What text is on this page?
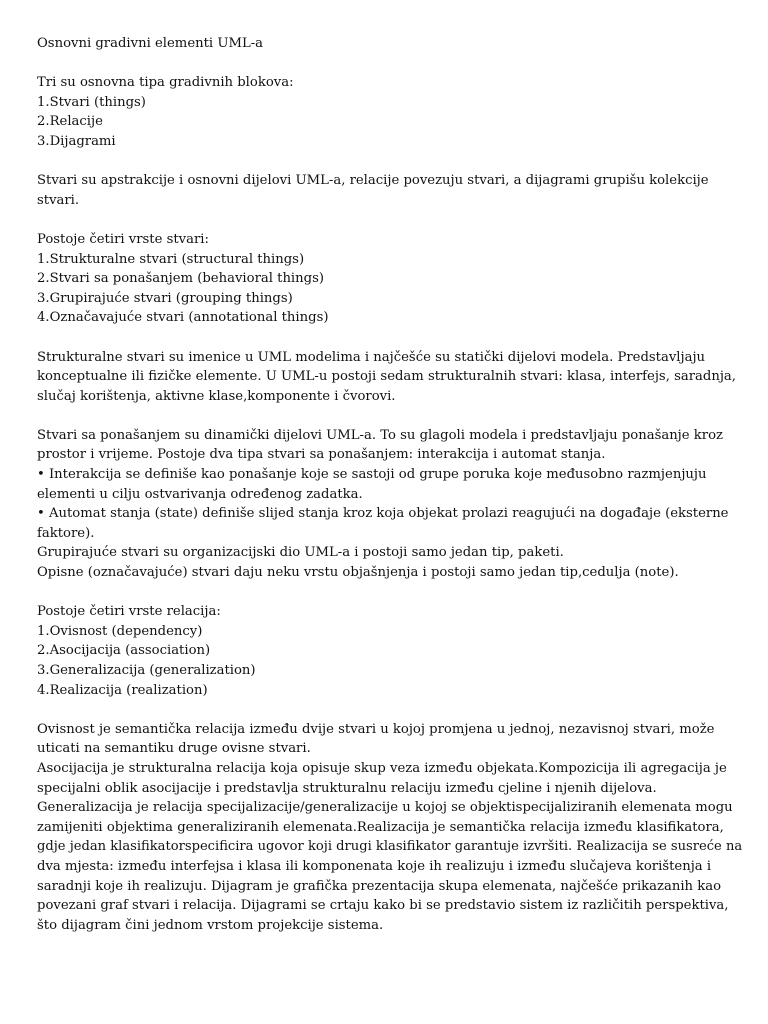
Osnovni gradivni elementi UML-a
Tri su osnovna tipa gradivnih blokova:
1.Stvari (things)
2.Relacije
3.Dijagrami
Stvari su apstrakcije i osnovni dijelovi UML-a, relacije povezuju stvari, a dijagrami grupišu kolekcije
stvari.
Postoje četiri vrste stvari:
1.Strukturalne stvari (structural things)
2.Stvari sa ponašanjem (behavioral things)
3.Grupirajuće stvari (grouping things)
4.Označavajuće stvari (annotational things)
Strukturalne stvari su imenice u UML modelima i najčešće su statički dijelovi modela. Predstavljaju
konceptualne ili fizičke elemente. U UML-u postoji sedam strukturalnih stvari: klasa, interfejs, saradnja,
slučaj korištenja, aktivne klase,komponente i čvorovi.
Stvari sa ponašanjem su dinamički dijelovi UML-a. To su glagoli modela i predstavljaju ponašanje kroz
prostor i vrijeme. Postoje dva tipa stvari sa ponašanjem: interakcija i automat stanja.
• Interakcija se definiše kao ponašanje koje se sastoji od grupe poruka koje međusobno razmjenjuju
elementi u cilju ostvarivanja određenog zadatka.
• Automat stanja (state) definiše slijed stanja kroz koja objekat prolazi reagujući na događaje (eksterne
faktore).
Grupirajuće stvari su organizacijski dio UML-a i postoji samo jedan tip, paketi.
Opisne (označavajuće) stvari daju neku vrstu objašnjenja i postoji samo jedan tip,cedulja (note).
Postoje četiri vrste relacija:
1.Ovisnost (dependency)
2.Asocijacija (association)
3.Generalizacija (generalization)
4.Realizacija (realization)
Ovisnost je semantička relacija između dvije stvari u kojoj promjena u jednoj, nezavisnoj stvari, može
uticati na semantiku druge ovisne stvari.
Asocijacija je strukturalna relacija koja opisuje skup veza između objekata.Kompozicija ili agregacija je
specijalni oblik asocijacije i predstavlja strukturalnu relaciju između cjeline i njenih dijelova.
Generalizacija je relacija specijalizacije/generalizacije u kojoj se objektispecijaliziranih elemenata mogu
zamijeniti objektima generaliziranih elemenata.Realizacija je semantička relacija između klasifikatora,
gdje jedan klasifikatorspecificira ugovor koji drugi klasifikator garantuje izvršiti. Realizacija se susreće na
dva mjesta: između interfejsa i klasa ili komponenata koje ih realizuju i između slučajeva korištenja i
saradnji koje ih realizuju. Dijagram je grafička prezentacija skupa elemenata, najčešće prikazanih kao
povezani graf stvari i relacija. Dijagrami se crtaju kako bi se predstavio sistem iz različitih perspektiva,
što dijagram čini jednom vrstom projekcije sistema.
